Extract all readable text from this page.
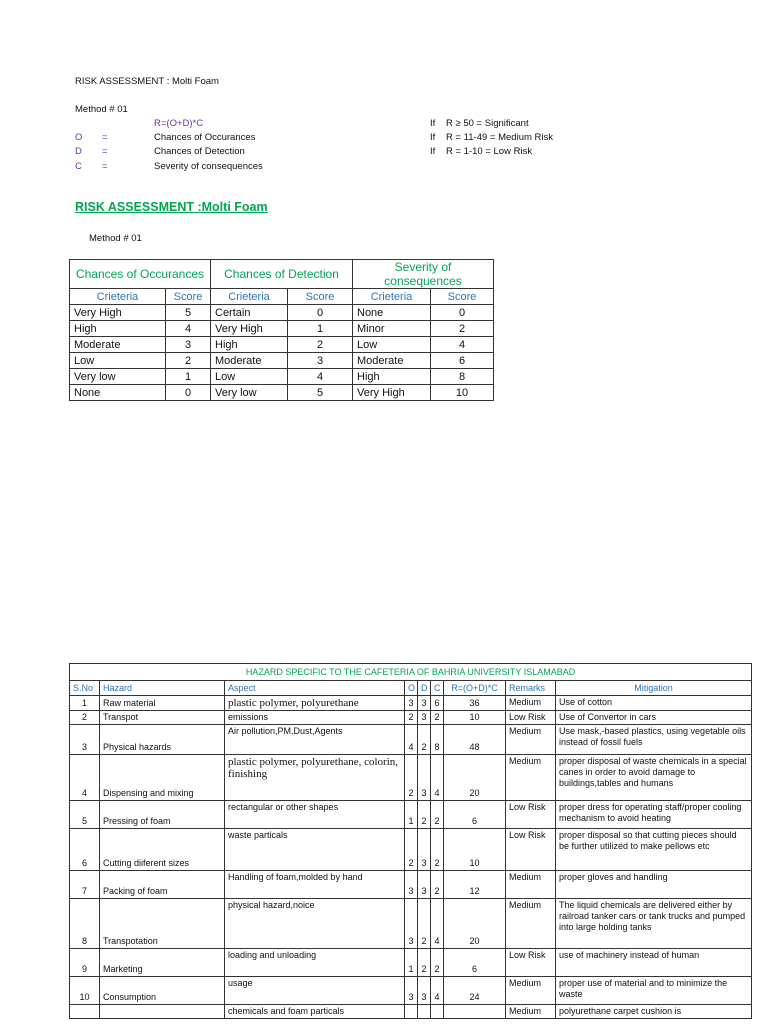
RISK ASSESSMENT : Molti Foam
Method # 01
R=(O+D)*C
O	=	Chances of Occurances
D =	Chances of Detection
C =	Severity of consequences
If R ≥ 50 = Significant
If R = 11-49 = Medium Risk
If R = 1-10 = Low Risk
RISK ASSESSMENT :Molti Foam
Method # 01
Chances of Occurances		Chances of Detection		Severity of consequences	
Crieteria	Score	Crieteria	Score	Crieteria	Score
Very High	5	Certain	0	None	0
High	4	Very High	1	Minor	2
Moderate	3	High	2	Low	4
Low	2	Moderate	3	Moderate	6
Very low	1	Low	4	High	8
None	0	Very low	5	Very High	10
HAZARD SPECIFIC TO THE CAFETERIA OF BAHRIA UNIVERSITY ISLAMABAD								
S.No	Hazard	Aspect	O	D	C	R=(O+D)*C	Remarks	Mitigation
1	Raw material	plastic polymer, polyurethane	3	3	6	36	Medium	Use of cotton
2	Transpot	emissions	2	3	2	10	Low Risk	Use of Convertor in cars
3	Physical hazards	Air pollution,PM,Dust,Agents	4	2	8	48	Medium	Use mask,-based plastics, using vegetable oils instead of fossil fuels
4	Dispensing and mixing	plastic polymer, polyurethane, colorin, finishing	2	3	4	20	Medium	proper disposal of waste chemicals in a special canes in order to avoid damage to buildings,tables and humans
5	Pressing of foam	rectangular or other shapes	1	2	2	6	Low Risk	proper dress for operating staff/proper cooling mechanism to avoid heating
6	Cutting diiferent sizes	waste particals	2	3	2	10	Low Risk	proper disposal so that cutting pieces should be further utilized to make pellows etc
7	Packing of foam	Handling of foam,molded by hand	3	3	2	12	Medium	proper gloves and handling
8	Transpotation	physical hazard,noice	3	2	4	20	Medium	The liquid chemicals are delivered either by railroad tanker cars or tank trucks and pumped into large holding tanks
9	Marketing	loading and unloading	1	2	2	6	Low Risk	use of machinery instead of human
10	Consumption	usage	3	3	4	24	Medium	proper use of material and to minimize the waste
		chemicals and foam particals					Medium	polyurethane carpet cushion is
